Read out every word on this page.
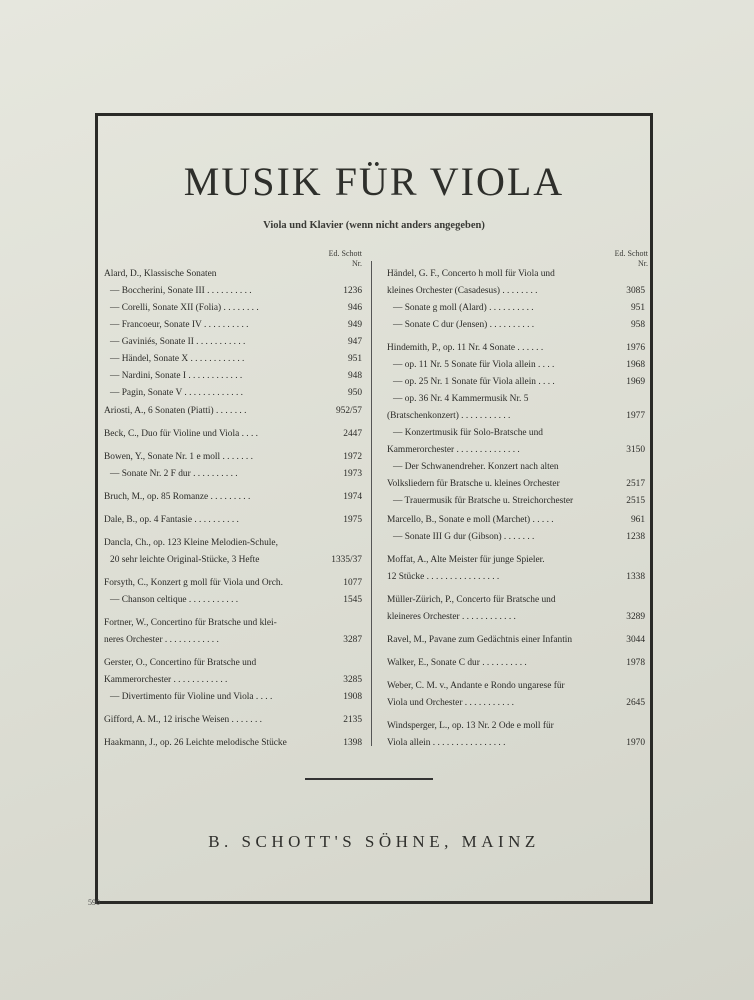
MUSIK FÜR VIOLA
Viola und Klavier (wenn nicht anders angegeben)
Ed. Schott
Nr.
Ed. Schott
Nr.
Alard, D., Klassische Sonaten
— Boccherini, Sonate III . . . . . . . . . .	1236
— Corelli, Sonate XII (Folia) . . . . . . . .	946
— Francoeur, Sonate IV . . . . . . . . . .	949
— Gaviniés, Sonate II . . . . . . . . . . .	947
— Händel, Sonate X . . . . . . . . . . . .	951
— Nardini, Sonate I . . . . . . . . . . . .	948
— Pagin, Sonate V . . . . . . . . . . . . .	950
Ariosti, A., 6 Sonaten (Piatti) . . . . . . .	952/57
Beck, C., Duo für Violine und Viola . . . .	2447
Bowen, Y., Sonate Nr. 1 e moll . . . . . . .	1972
— Sonate Nr. 2 F dur . . . . . . . . . .	1973
Bruch, M., op. 85 Romanze . . . . . . . . .	1974
Dale, B., op. 4 Fantasie . . . . . . . . . .	1975
Dancla, Ch., op. 123 Kleine Melodien-Schule,
20 sehr leichte Original-Stücke, 3 Hefte	1335/37
Forsyth, C., Konzert g moll für Viola und Orch.	1077
— Chanson celtique . . . . . . . . . . .	1545
Fortner, W., Concertino für Bratsche und klei-
neres Orchester . . . . . . . . . . . .	3287
Gerster, O., Concertino für Bratsche und
Kammerorchester . . . . . . . . . . . .	3285
— Divertimento für Violine und Viola . . . .	1908
Gifford, A. M., 12 irische Weisen . . . . . . .	2135
Haakmann, J., op. 26 Leichte melodische Stücke	1398
Händel, G. F., Concerto h moll für Viola und
kleines Orchester (Casadesus) . . . . . . . .	3085
— Sonate g moll (Alard) . . . . . . . . . .	951
— Sonate C dur (Jensen) . . . . . . . . . .	958
Hindemith, P., op. 11 Nr. 4 Sonate . . . . . .	1976
— op. 11 Nr. 5 Sonate für Viola allein . . . .	1968
— op. 25 Nr. 1 Sonate für Viola allein . . . .	1969
— op. 36 Nr. 4 Kammermusik Nr. 5
(Bratschenkonzert) . . . . . . . . . . .	1977
— Konzertmusik für Solo-Bratsche und
Kammerorchester . . . . . . . . . . . . . .	3150
— Der Schwanendreher. Konzert nach alten
Volksliedern für Bratsche u. kleines Orchester	2517
— Trauermusik für Bratsche u. Streichorchester	2515
Marcello, B., Sonate e moll (Marchet) . . . . .	961
— Sonate III G dur (Gibson) . . . . . . .	1238
Moffat, A., Alte Meister für junge Spieler.
12 Stücke . . . . . . . . . . . . . . . .	1338
Müller-Zürich, P., Concerto für Bratsche und
kleineres Orchester . . . . . . . . . . . .	3289
Ravel, M., Pavane zum Gedächtnis einer Infantin	3044
Walker, E., Sonate C dur . . . . . . . . . .	1978
Weber, C. M. v., Andante e Rondo ungarese für
Viola und Orchester . . . . . . . . . . .	2645
Windsperger, L., op. 13 Nr. 2 Ode e moll für
Viola allein . . . . . . . . . . . . . . . .	1970
B. SCHOTT'S SÖHNE, MAINZ
590
